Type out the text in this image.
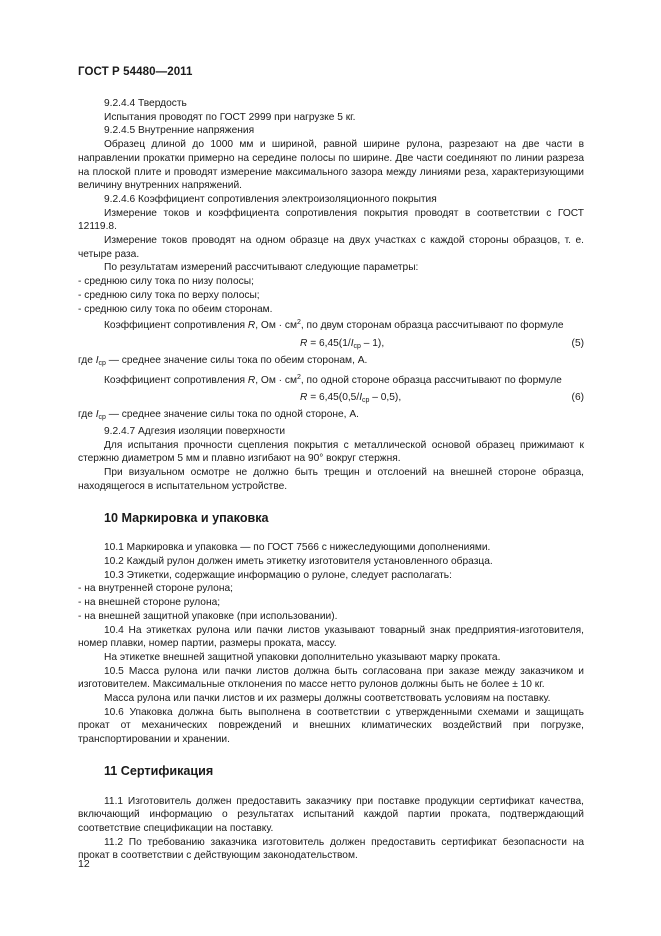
ГОСТ Р 54480—2011

9.2.4.4 Твердость

Испытания проводят по ГОСТ 2999 при нагрузке 5 кг.

9.2.4.5 Внутренние напряжения

Образец длиной до 1000 мм и шириной, равной ширине рулона, разрезают на две части в направлении прокатки примерно на середине полосы по ширине. Две части соединяют по линии разреза на плоской плите и проводят измерение максимального зазора между линиями реза, характеризующими величину внутренних напряжений.

9.2.4.6 Коэффициент сопротивления электроизоляционного покрытия

Измерение токов и коэффициента сопротивления покрытия проводят в соответствии с ГОСТ 12119.8.

Измерение токов проводят на одном образце на двух участках с каждой стороны образцов, т. е. четыре раза.

По результатам измерений рассчитывают следующие параметры:

- среднюю силу тока по низу полосы;

- среднюю силу тока по верху полосы;

- среднюю силу тока по обеим сторонам.

Коэффициент сопротивления R, Ом · $см^2$, по двум сторонам образца рассчитывают по формуле

$R = 6,45(1/I_{ср} - 1)$,	(5)

где $I_{ср}$ — среднее значение силы тока по обеим сторонам, А.

Коэффициент сопротивления R, Ом · $см^2$, по одной стороне образца рассчитывают по формуле

$R = 6,45(0,5/I_{ср} - 0,5)$,	(6)

где $I_{ср}$ — среднее значение силы тока по одной стороне, А.

9.2.4.7 Адгезия изоляции поверхности

Для испытания прочности сцепления покрытия с металлической основой образец прижимают к стержню диаметром 5 мм и плавно изгибают на 90° вокруг стержня.

При визуальном осмотре не должно быть трещин и отслоений на внешней стороне образца, находящегося в испытательном устройстве.

10 Маркировка и упаковка

10.1 Маркировка и упаковка — по ГОСТ 7566 с нижеследующими дополнениями.

10.2 Каждый рулон должен иметь этикетку изготовителя установленного образца.

10.3 Этикетки, содержащие информацию о рулоне, следует располагать:

- на внутренней стороне рулона;

- на внешней стороне рулона;

- на внешней защитной упаковке (при использовании).

10.4 На этикетках рулона или пачки листов указывают товарный знак предприятия-изготовителя, номер плавки, номер партии, размеры проката, массу.

На этикетке внешней защитной упаковки дополнительно указывают марку проката.

10.5 Масса рулона или пачки листов должна быть согласована при заказе между заказчиком и изготовителем. Максимальные отклонения по массе нетто рулонов должны быть не более ± 10 кг.

Масса рулона или пачки листов и их размеры должны соответствовать условиям на поставку.

10.6 Упаковка должна быть выполнена в соответствии с утвержденными схемами и защищать прокат от механических повреждений и внешних климатических воздействий при погрузке, транспортировании и хранении.

11 Сертификация

11.1 Изготовитель должен предоставить заказчику при поставке продукции сертификат качества, включающий информацию о результатах испытаний каждой партии проката, подтверждающий соответствие спецификации на поставку.

11.2 По требованию заказчика изготовитель должен предоставить сертификат безопасности на прокат в соответствии с действующим законодательством.

12
